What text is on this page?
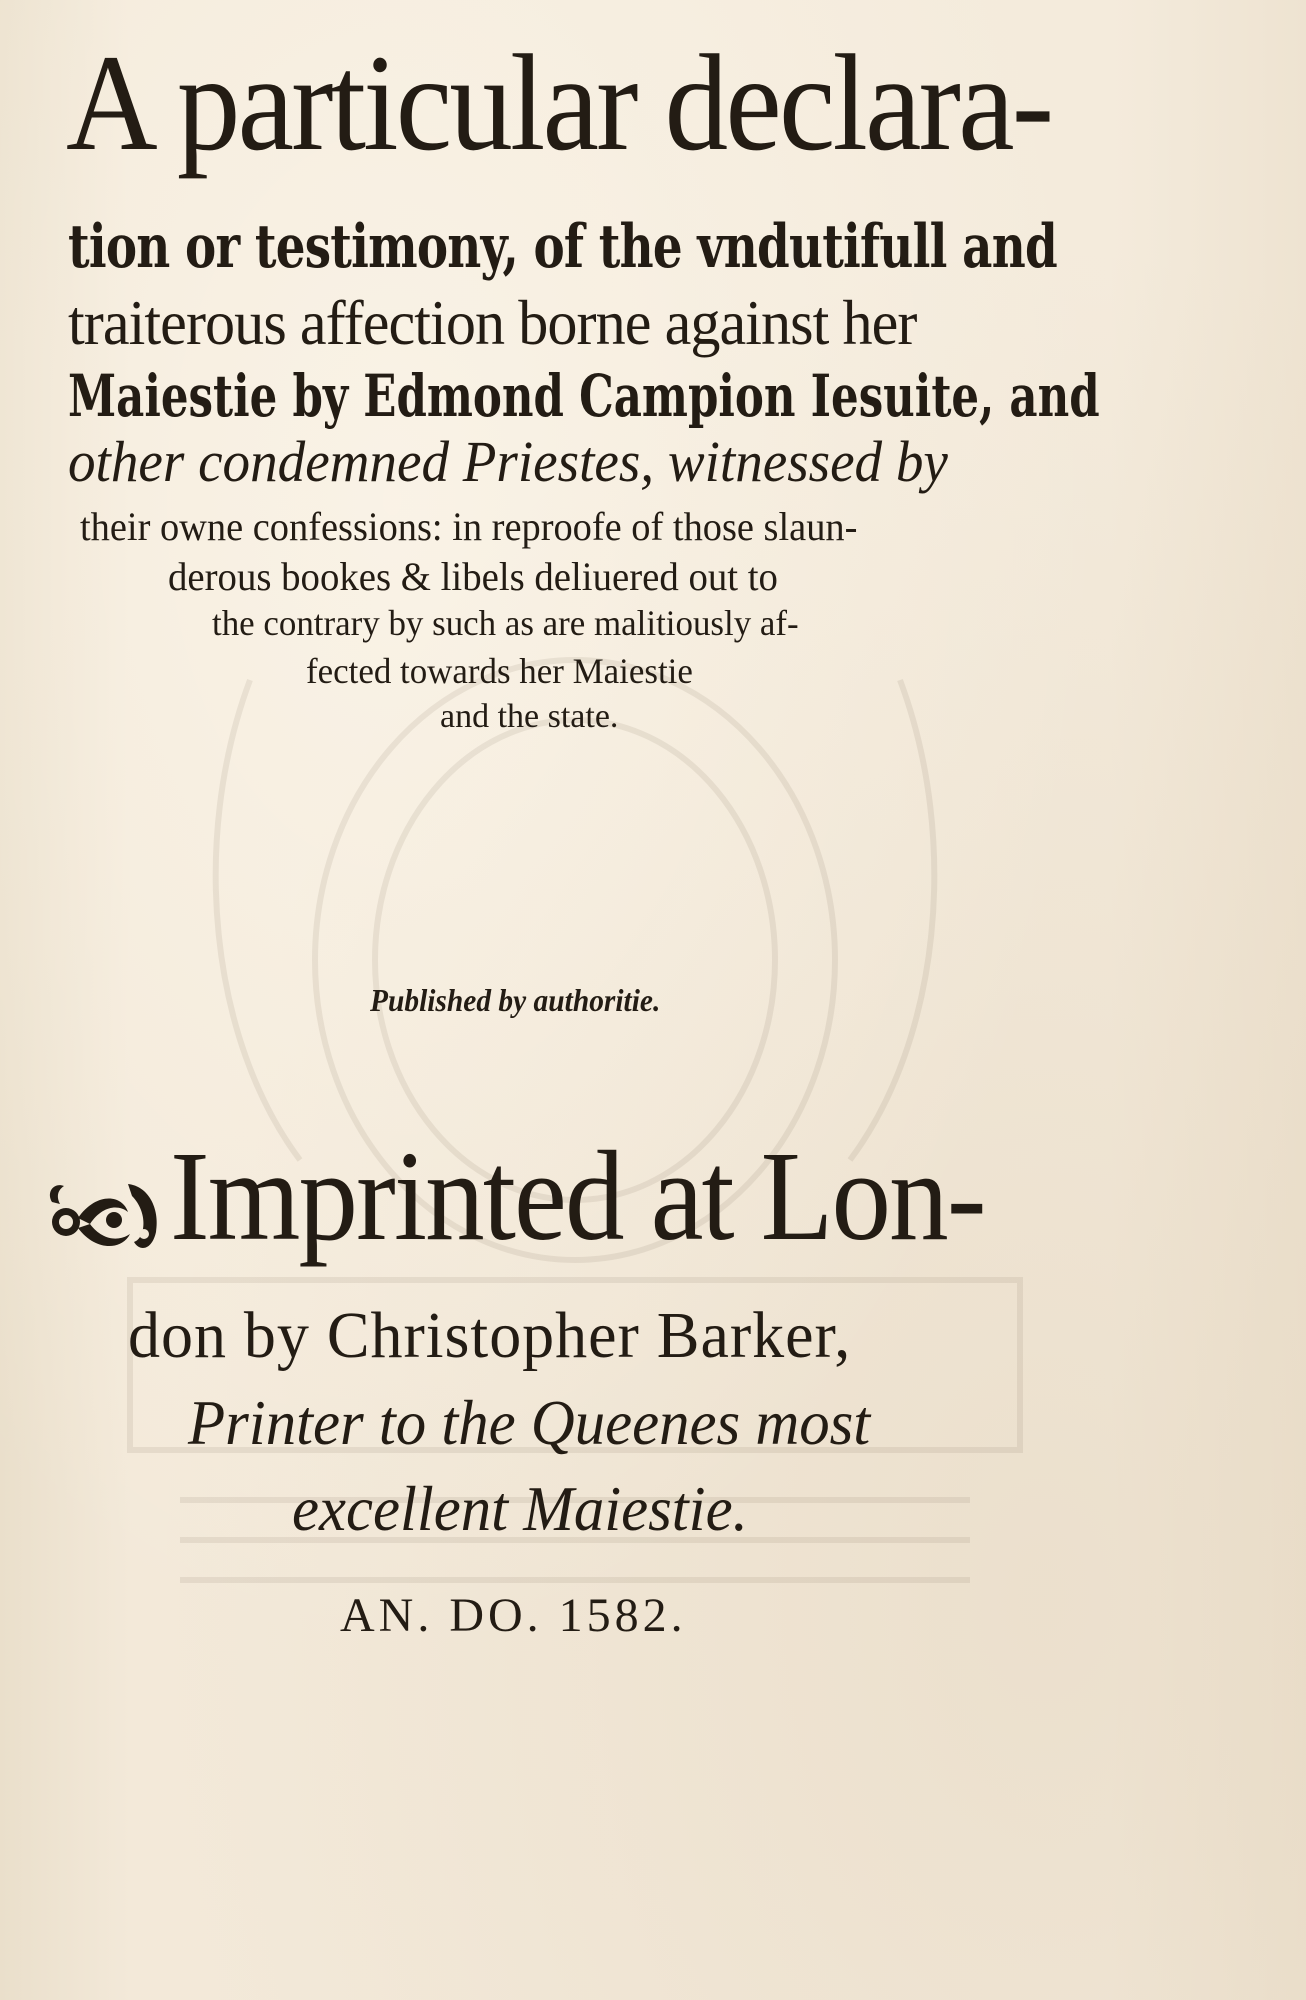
A particular declara-
tion or testimony, of the vndutifull and
traiterous affection borne against her
Maiestie by Edmond Campion Iesuite, and
other condemned Priestes, witnessed by
their owne confessions: in reproofe of those slaun-
derous bookes & libels deliuered out to
the contrary by such as are malitiously af-
fected towards her Maiestie
and the state.
Published by authoritie.
Imprinted at Lon-
don by Christopher Barker,
Printer to the Queenes most
excellent Maiestie.
AN. DO. 1582.
